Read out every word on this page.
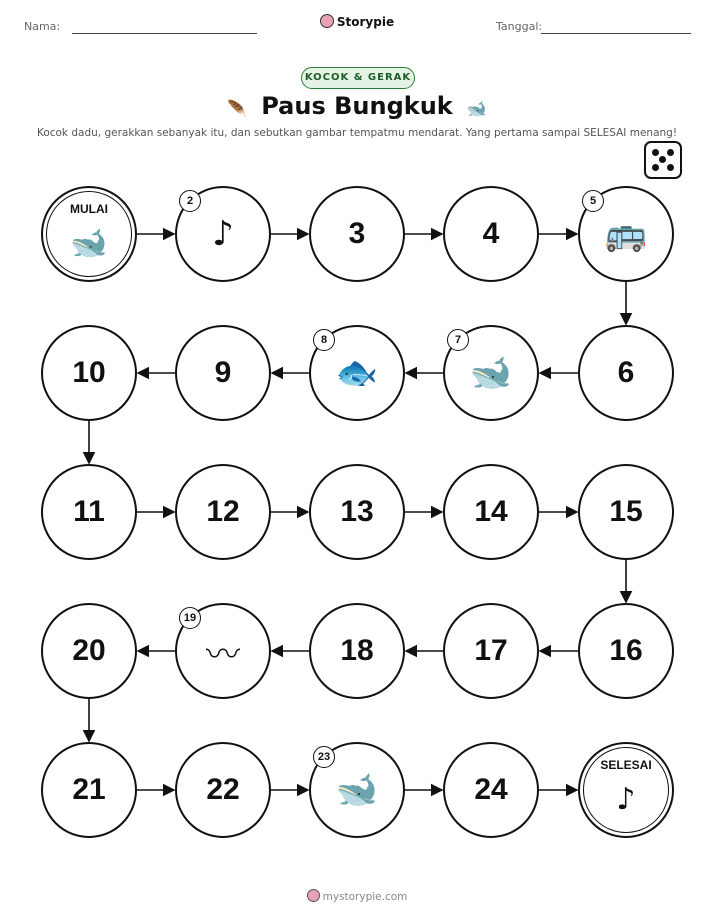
Nama:	Storypie	Tanggal:
KOCOK & GERAK
🪶 Paus Bungkuk 🐋
Kocok dadu, gerakkan sebanyak itu, dan sebutkan gambar tempatmu mendarat. Yang pertama sampai SELESAI menang!
MULAI
🐋
2
♪	3	4
5
🚌
6
7
🐋
8
🐟
9
10
11	12	13	14	15
16
17
18
19
〰
20
21	22
23
🐋	24
SELESAI
♪
mystorypie.com
